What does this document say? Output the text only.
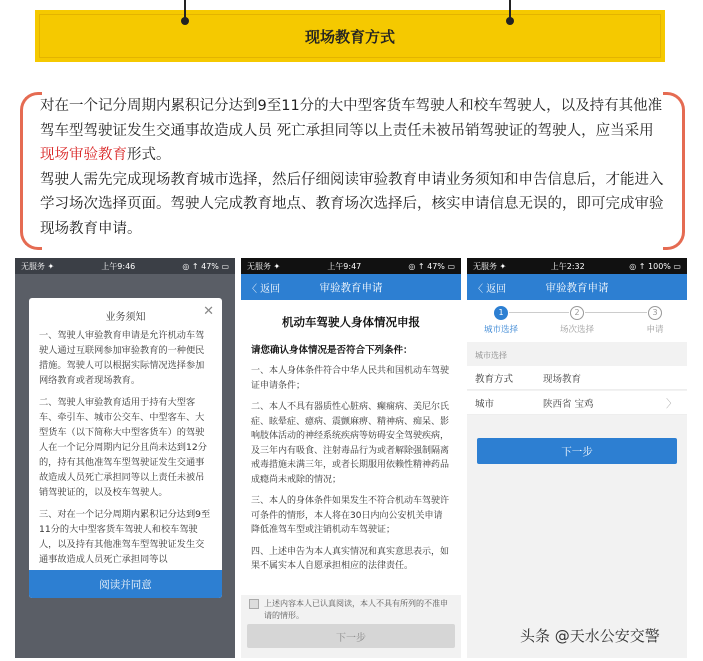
现场教育方式
对在一个记分周期内累积记分达到9至11分的大中型客货车驾驶人和校车驾驶人，以及持有其他准驾车型驾驶证发生交通事故造成人员 死亡承担同等以上责任未被吊销驾驶证的驾驶人，应当采用现场审验教育形式。
驾驶人需先完成现场教育城市选择，然后仔细阅读审验教育申请业务须知和申告信息后，才能进入学习场次选择页面。驾驶人完成教育地点、教育场次选择后，核实申请信息无误的，即可完成审验现场教育申请。
无服务 ✦	上午9:46	◎ ↑ 47% ▭
业务须知	✕

一、驾驶人审验教育申请是允许机动车驾驶人通过互联网参加审验教育的一种便民措施。驾驶人可以根据实际情况选择参加网络教育或者现场教育。

二、驾驶人审验教育适用于持有大型客车、牵引车、城市公交车、中型客车、大型货车（以下简称大中型客货车）的驾驶人在一个记分周期内记分且尚未达到12分的，持有其他准驾车型驾驶证发生交通事故造成人员死亡承担同等以上责任未被吊销驾驶证的，以及校车驾驶人。

三、对在一个记分周期内累积记分达到9至11分的大中型客货车驾驶人和校车驾驶人，以及持有其他准驾车型驾驶证发生交通事故造成人员死亡承担同等以

阅读并同意
无服务 ✦	上午9:47	◎ ↑ 47% ▭
〈 返回	审验教育申请
机动车驾驶人身体情况申报
请您确认身体情况是否符合下列条件：

一、本人身体条件符合中华人民共和国机动车驾驶证申请条件；

二、本人不具有器质性心脏病、癫痫病、美尼尔氏症、眩晕症、癔病、震颤麻痹、精神病、痴呆、影响肢体活动的神经系统疾病等妨碍安全驾驶疾病，及三年内有吸食、注射毒品行为或者解除强制隔离戒毒措施未满三年，或者长期服用依赖性精神药品成瘾尚未戒除的情况；

三、本人的身体条件如果发生不符合机动车驾驶许可条件的情形，本人将在30日内向公安机关申请降低准驾车型或注销机动车驾驶证；

四、上述申告为本人真实情况和真实意思表示，如果不属实本人自愿承担相应的法律责任。

上述内容本人已认真阅读，本人不具有所列的不准申请的情形。
下一步
无服务 ✦	上午2:32	◎ ↑ 100% ▭
〈 返回	审验教育申请
1
城市选择
2
场次选择
3
申请
城市选择
教育方式	现场教育
城市	陕西省 宝鸡	〉
下一步
头条 @天水公安交警
